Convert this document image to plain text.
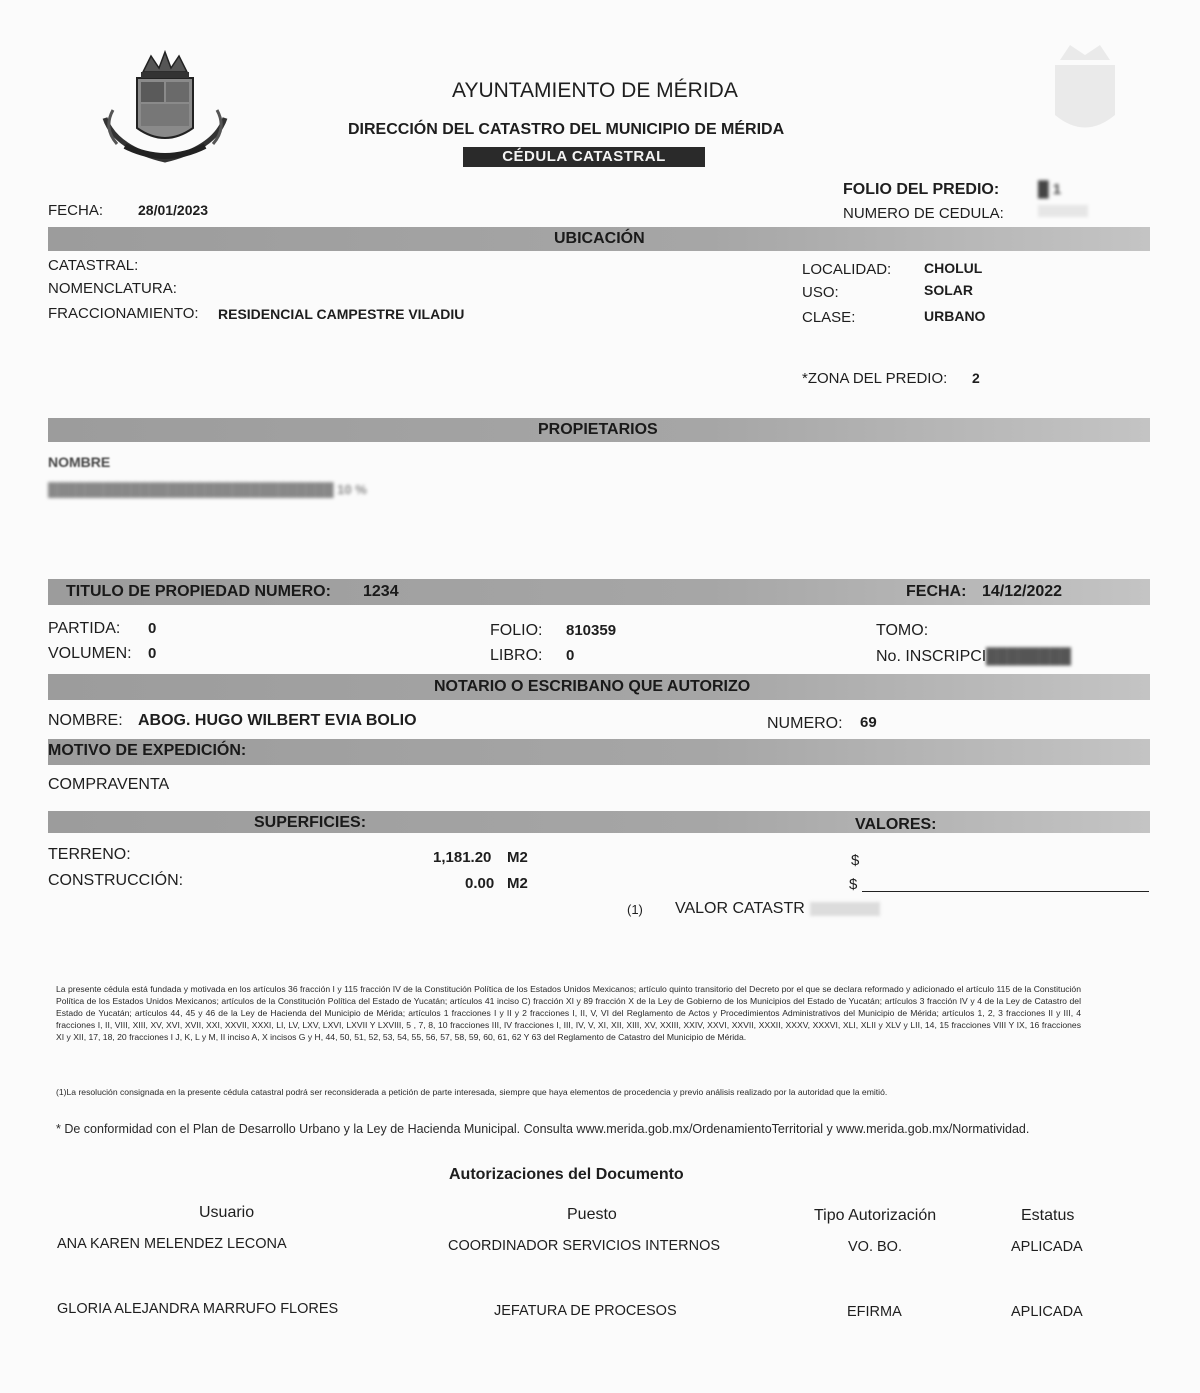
AYUNTAMIENTO DE MÉRIDA
DIRECCIÓN DEL CATASTRO DEL MUNICIPIO DE MÉRIDA
CÉDULA CATASTRAL
FOLIO DEL PREDIO:	█ 1
NUMERO DE CEDULA:
FECHA: 28/01/2023
UBICACIÓN
CATASTRAL:
NOMENCLATURA:
FRACCIONAMIENTO: RESIDENCIAL CAMPESTRE VILADIU
LOCALIDAD: CHOLUL
USO:	SOLAR
CLASE:	URBANO
*ZONA DEL PREDIO: 2
PROPIETARIOS
NOMBRE
███████████████████████████████ 10 %
TITULO DE PROPIEDAD NUMERO: 1234	FECHA: 14/12/2022
PARTIDA: 0
VOLUMEN: 0
FOLIO: 810359
LIBRO: 0
TOMO:
No. INSCRIPCI ████████
NOTARIO O ESCRIBANO QUE AUTORIZO
NOMBRE: ABOG. HUGO WILBERT EVIA BOLIO	NUMERO: 69
MOTIVO DE EXPEDICIÓN:
COMPRAVENTA
SUPERFICIES:	VALORES:
TERRENO:	1,181.20 M2
CONSTRUCCIÓN:	0.00 M2
$
$
(1) VALOR CATASTR
La presente cédula está fundada y motivada en los artículos 36 fracción I y 115 fracción IV de la Constitución Política de los Estados Unidos Mexicanos; artículo quinto transitorio del Decreto por el que se declara reformado y adicionado el artículo 115 de la Constitución Política de los Estados Unidos Mexicanos; artículos de la Constitución Política del Estado de Yucatán; artículos 41 inciso C) fracción XI y 89 fracción X de la Ley de Gobierno de los Municipios del Estado de Yucatán; artículos 3 fracción IV y 4 de la Ley de Catastro del Estado de Yucatán; artículos 44, 45 y 46 de la Ley de Hacienda del Municipio de Mérida; artículos 1 fracciones I y II y 2 fracciones I, II, V, VI del Reglamento de Actos y Procedimientos Administrativos del Municipio de Mérida; artículos 1, 2, 3 fracciones II y III, 4 fracciones I, II, VIII, XIII, XV, XVI, XVII, XXI, XXVII, XXXI, LI, LV, LXV, LXVI, LXVII Y LXVIII, 5 , 7, 8, 10 fracciones III, IV fracciones I, III, IV, V, XI, XII, XIII, XV, XXIII, XXIV, XXVI, XXVII, XXXII, XXXV, XXXVI, XLI, XLII y XLV y LII, 14, 15 fracciones VIII Y IX, 16 fracciones XI y XII, 17, 18, 20 fracciones I J, K, L y M, II inciso A, X incisos G y H, 44, 50, 51, 52, 53, 54, 55, 56, 57, 58, 59, 60, 61, 62 Y 63 del Reglamento de Catastro del Municipio de Mérida.
(1)La resolución consignada en la presente cédula catastral podrá ser reconsiderada a petición de parte interesada, siempre que haya elementos de procedencia y previo análisis realizado por la autoridad que la emitió.
* De conformidad con el Plan de Desarrollo Urbano y la Ley de Hacienda Municipal. Consulta www.merida.gob.mx/OrdenamientoTerritorial y www.merida.gob.mx/Normatividad.
Autorizaciones del Documento
Usuario	Puesto	Tipo Autorización	Estatus
ANA KAREN MELENDEZ LECONA	COORDINADOR SERVICIOS INTERNOS	VO. BO.	APLICADA
GLORIA ALEJANDRA MARRUFO FLORES	JEFATURA DE PROCESOS	EFIRMA	APLICADA
